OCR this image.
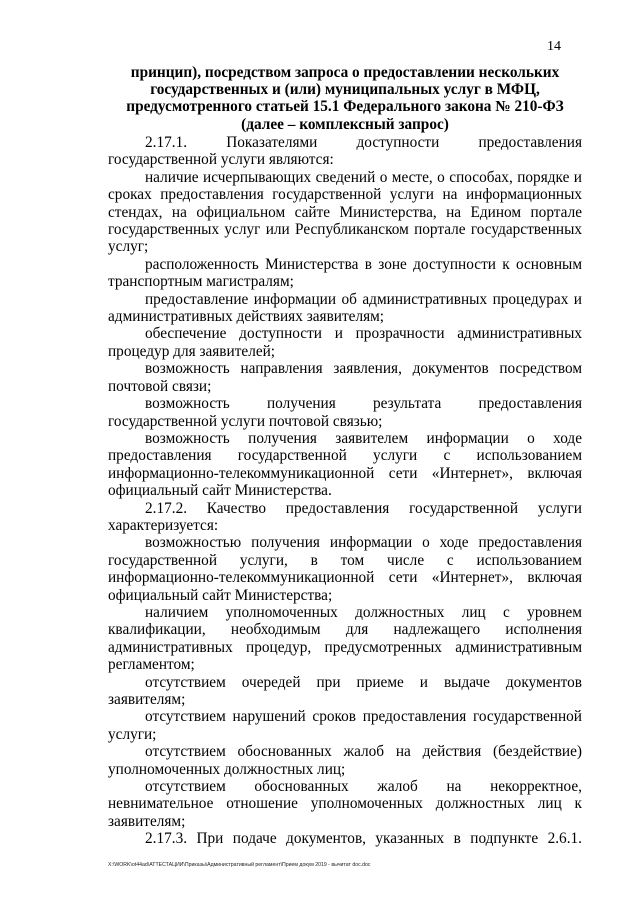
14
принцип), посредством запроса о предоставлении нескольких
государственных и (или) муниципальных услуг в МФЦ,
предусмотренного статьей 15.1 Федерального закона № 210-ФЗ
(далее – комплексный запрос)

2.17.1. Показателями доступности предоставления государственной услуги являются:

наличие исчерпывающих сведений о месте, о способах, порядке и сроках предоставления государственной услуги на информационных стендах, на официальном сайте Министерства, на Едином портале государственных услуг или Республиканском портале государственных услуг;

расположенность Министерства в зоне доступности к основным транспортным магистралям;

предоставление информации об административных процедурах и административных действиях заявителям;

обеспечение доступности и прозрачности административных процедур для заявителей;

возможность направления заявления, документов посредством почтовой связи;

возможность получения результата предоставления государственной услуги почтовой связью;

возможность получения заявителем информации о ходе предоставления государственной услуги с использованием информационно-телекоммуникационной сети «Интернет», включая официальный сайт Министерства.

2.17.2. Качество предоставления государственной услуги характеризуется:

возможностью получения информации о ходе предоставления государственной услуги, в том числе с использованием информационно-телекоммуникационной сети «Интернет», включая официальный сайт Министерства;

наличием уполномоченных должностных лиц с уровнем квалификации, необходимым для надлежащего исполнения административных процедур, предусмотренных административным регламентом;

отсутствием очередей при приеме и выдаче документов заявителям;

отсутствием нарушений сроков предоставления государственной услуги;

отсутствием обоснованных жалоб на действия (бездействие) уполномоченных должностных лиц;

отсутствием обоснованных жалоб на некорректное, невнимательное отношение уполномоченных должностных лиц к заявителям;

2.17.3. При подаче документов, указанных в подпункте 2.6.1.

X:\WORK\ot44ad\АТТЕСТАЦИИ\Приказы\Административный регламент\Прием докум 2019 - вычитат doc.doc
